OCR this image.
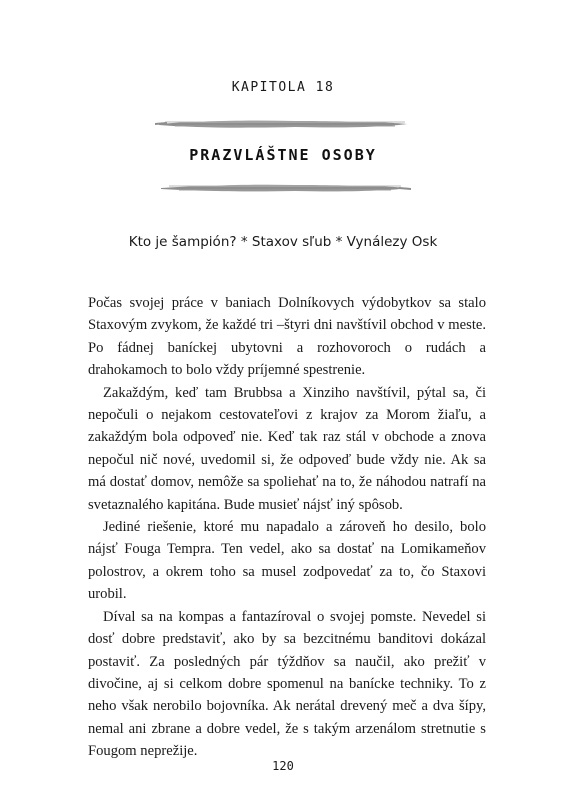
KAPITOLA 18
PRAZVLÁŠTNE OSOBY
Kto je šampión? * Staxov sľub * Vynálezy Osk

Počas svojej práce v baniach Dolníkovych výdobytkov sa stalo Staxovým zvykom, že každé tri –štyri dni navštívil obchod v meste. Po fádnej baníckej ubytovni a rozhovoroch o rudách a drahokamoch to bolo vždy príjemné spestrenie.

Zakaždým, keď tam Brubbsa a Xinziho navštívil, pýtal sa, či nepočuli o nejakom cestovateľovi z krajov za Morom žiaľu, a zakaždým bola odpoveď nie. Keď tak raz stál v obchode a znova nepočul nič nové, uvedomil si, že odpoveď bude vždy nie. Ak sa má dostať domov, nemôže sa spoliehať na to, že náhodou natrafí na svetaznalého kapitána. Bude musieť nájsť iný spôsob.

Jediné riešenie, ktoré mu napadalo a zároveň ho desilo, bolo nájsť Fouga Tempra. Ten vedel, ako sa dostať na Lomikameňov polostrov, a okrem toho sa musel zodpovedať za to, čo Staxovi urobil.

Díval sa na kompas a fantazíroval o svojej pomste. Nevedel si dosť dobre predstaviť, ako by sa bezcitnému banditovi dokázal postaviť. Za posledných pár týždňov sa naučil, ako prežiť v divočine, aj si celkom dobre spomenul na banícke techniky. To z neho však nerobilo bojovníka. Ak nerátal drevený meč a dva šípy, nemal ani zbrane a dobre vedel, že s takým arzenálom stretnutie s Fougom neprežije.

120
